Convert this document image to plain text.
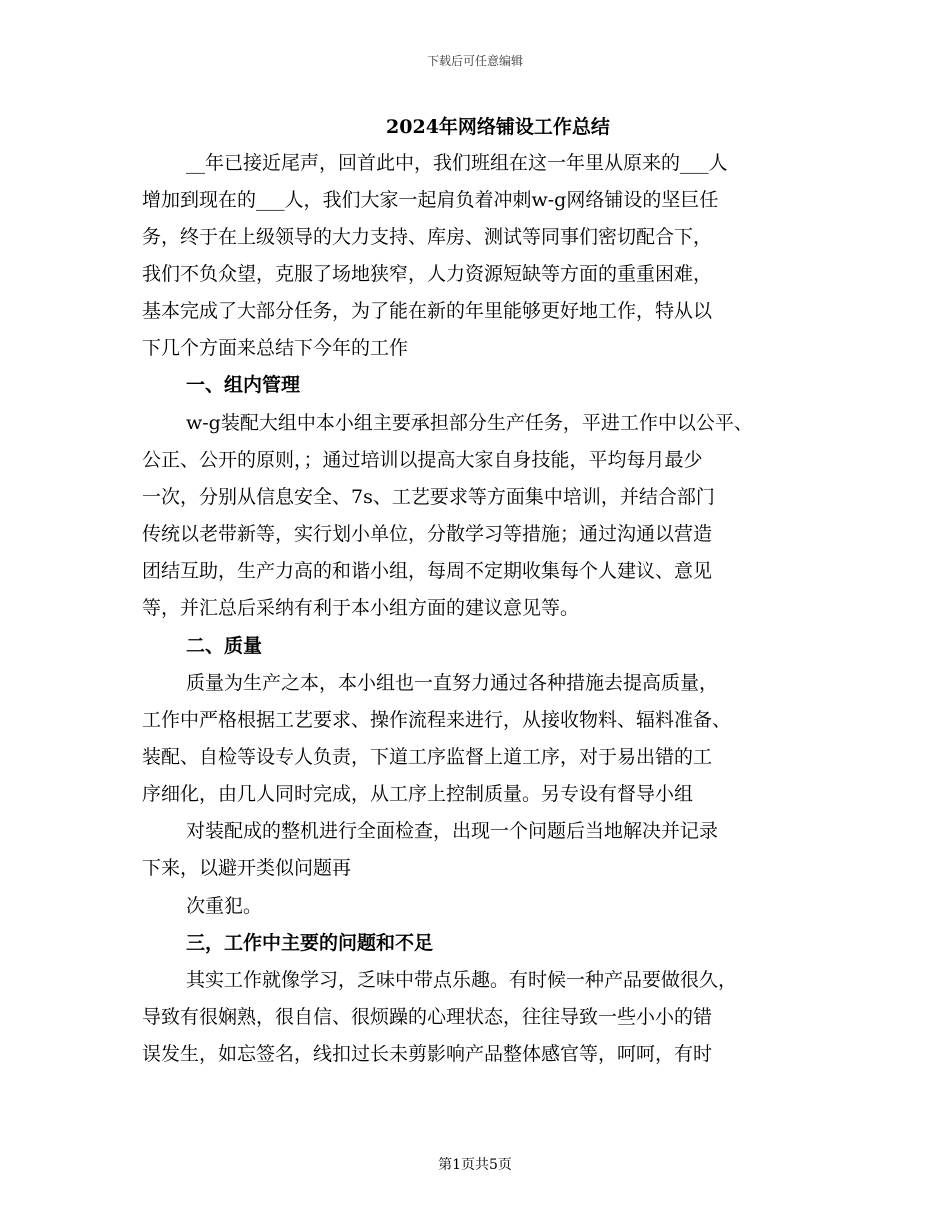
下载后可任意编辑
2024年网络铺设工作总结

__年已接近尾声，回首此中，我们班组在这一年里从原来的___人

增加到现在的___人，我们大家一起肩负着冲刺w-g网络铺设的坚巨任

务，终于在上级领导的大力支持、库房、测试等同事们密切配合下，

我们不负众望，克服了场地狭窄，人力资源短缺等方面的重重困难，

基本完成了大部分任务，为了能在新的年里能够更好地工作，特从以

下几个方面来总结下今年的工作

一、组内管理

w-g装配大组中本小组主要承担部分生产任务，平进工作中以公平、

公正、公开的原则，；通过培训以提高大家自身技能，平均每月最少

一次，分别从信息安全、7s、工艺要求等方面集中培训，并结合部门

传统以老带新等，实行划小单位，分散学习等措施；通过沟通以营造

团结互助，生产力高的和谐小组，每周不定期收集每个人建议、意见

等，并汇总后采纳有利于本小组方面的建议意见等。

二、质量

质量为生产之本，本小组也一直努力通过各种措施去提高质量，

工作中严格根据工艺要求、操作流程来进行，从接收物料、辐料准备、

装配、自检等设专人负责，下道工序监督上道工序，对于易出错的工

序细化，由几人同时完成，从工序上控制质量。另专设有督导小组

对装配成的整机进行全面检查，出现一个问题后当地解决并记录

下来，以避开类似问题再

次重犯。

三，工作中主要的问题和不足

其实工作就像学习，乏味中带点乐趣。有时候一种产品要做很久，

导致有很娴熟，很自信、很烦躁的心理状态，往往导致一些小小的错

误发生，如忘签名，线扣过长未剪影响产品整体感官等，呵呵，有时

第1页共5页
